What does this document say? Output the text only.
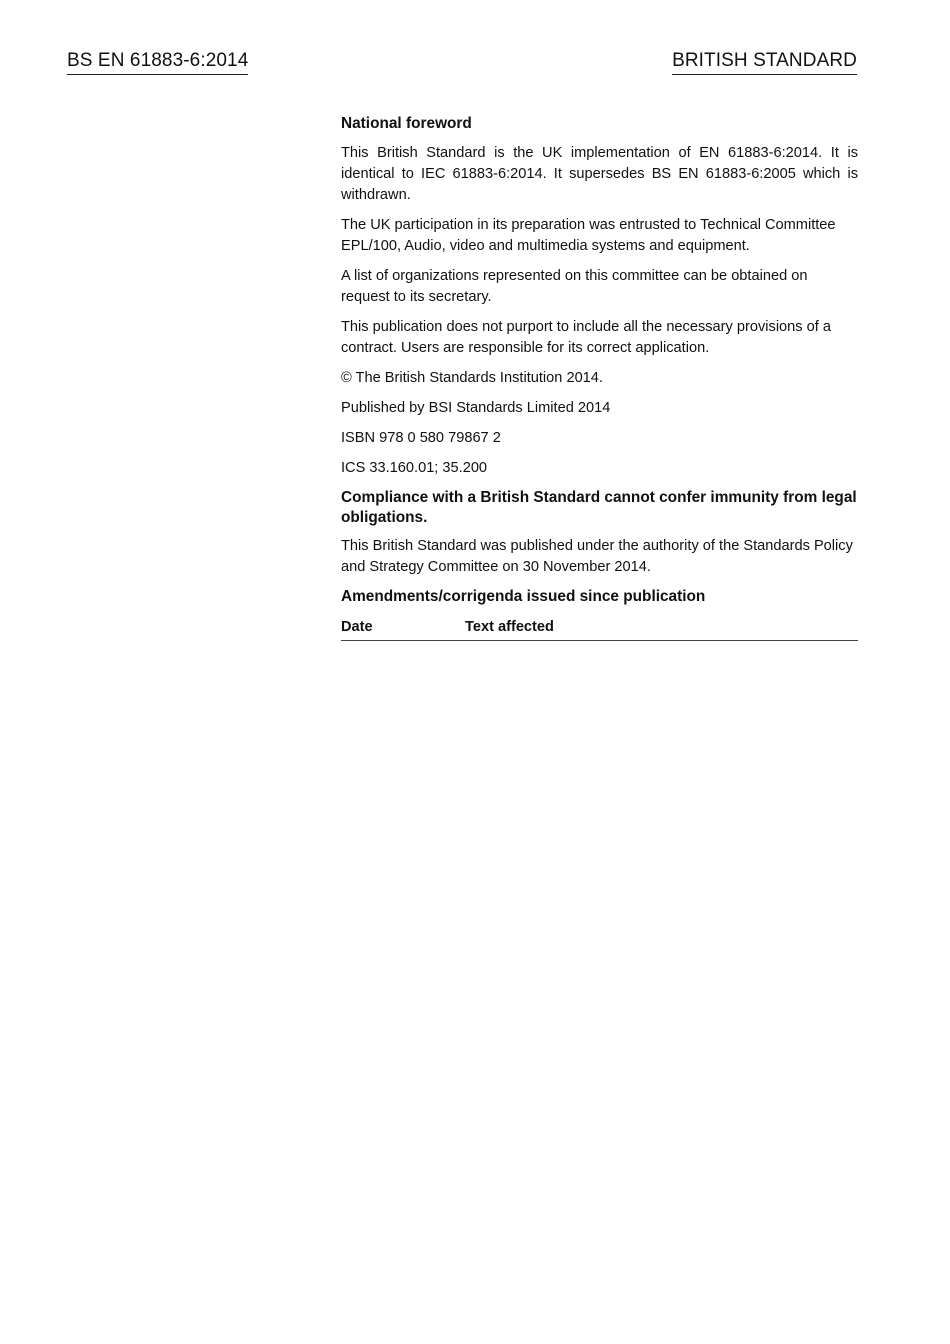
BS EN 61883-6:2014	BRITISH STANDARD
National foreword

This British Standard is the UK implementation of EN 61883-6:2014. It is identical to IEC 61883-6:2014. It supersedes BS EN 61883-6:2005 which is withdrawn.

The UK participation in its preparation was entrusted to Technical Committee EPL/100, Audio, video and multimedia systems and equipment.

A list of organizations represented on this committee can be obtained on request to its secretary.

This publication does not purport to include all the necessary provisions of a contract. Users are responsible for its correct application.

© The British Standards Institution 2014.

Published by BSI Standards Limited 2014

ISBN 978 0 580 79867 2

ICS 33.160.01; 35.200

Compliance with a British Standard cannot confer immunity from legal obligations.

This British Standard was published under the authority of the Standards Policy and Strategy Committee on 30 November 2014.

Amendments/corrigenda issued since publication
Date	Text affected
